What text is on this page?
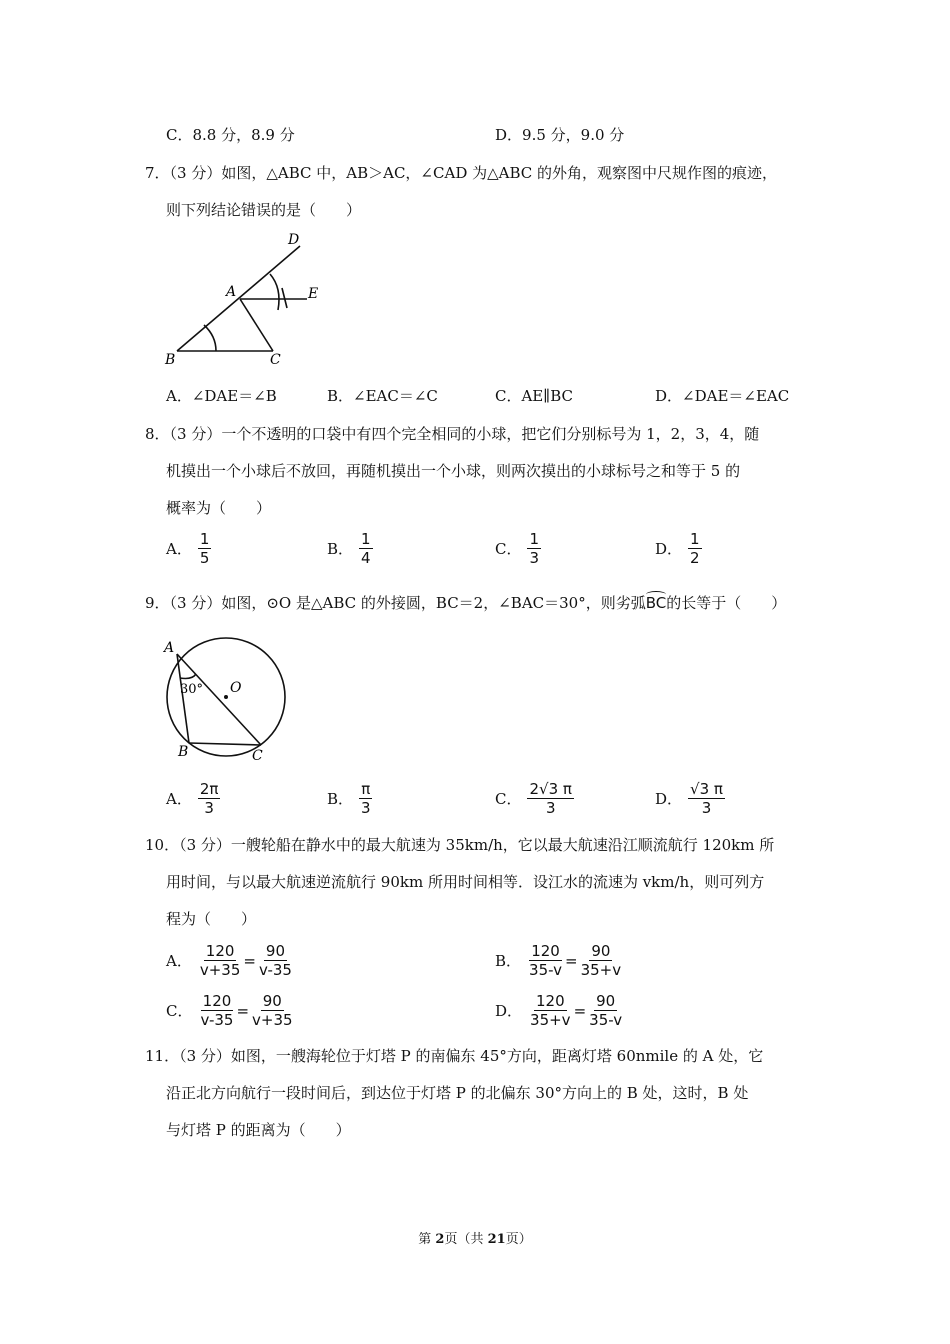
C．8.8 分，8.9 分	D．9.5 分，9.0 分
7．（3 分）如图，△ABC 中，AB＞AC，∠CAD 为△ABC 的外角，观察图中尺规作图的痕迹，
则下列结论错误的是（　　）
D
A	E
B	C
A．∠DAE＝∠B	B．∠EAC＝∠C	C．AE∥BC	D．∠DAE＝∠EAC
8．（3 分）一个不透明的口袋中有四个完全相同的小球，把它们分别标号为 1，2，3，4，随
机摸出一个小球后不放回，再随机摸出一个小球，则两次摸出的小球标号之和等于 5 的
概率为（　　）
A． $\frac{1}{5}$	B． $\frac{1}{4}$	C． $\frac{1}{3}$	D． $\frac{1}{2}$
9．（3 分）如图，⊙O 是△ABC 的外接圆，BC＝2，∠BAC＝30°，则劣弧
BC的长等于（　　）
A
30° O
B	C
A． $\frac{2\pi}{3}$	B． $\frac{\pi}{3}$	C． $\frac{2√3 \pi}{3}$	D． $\frac{√3 \pi}{3}$
10．（3 分）一艘轮船在静水中的最大航速为 35km/h，它以最大航速沿江顺流航行 120km 所
用时间，与以最大航速逆流航行 90km 所用时间相等．设江水的流速为 vkm/h，则可列方
程为（　　）
A． $\frac{120}{v+35} = \frac{90}{v-35}$	B． $\frac{120}{35-v} = \frac{90}{35+v}$
C． $\frac{120}{v-35} = \frac{90}{v+35}$	D． $\frac{120}{35+v} = \frac{90}{35-v}$
11．（3 分）如图，一艘海轮位于灯塔 P 的南偏东 45°方向，距离灯塔 60nmile 的 A 处，它
沿正北方向航行一段时间后，到达位于灯塔 P 的北偏东 30°方向上的 B 处，这时，B 处
与灯塔 P 的距离为（　　）
第 2页（共 21页）
